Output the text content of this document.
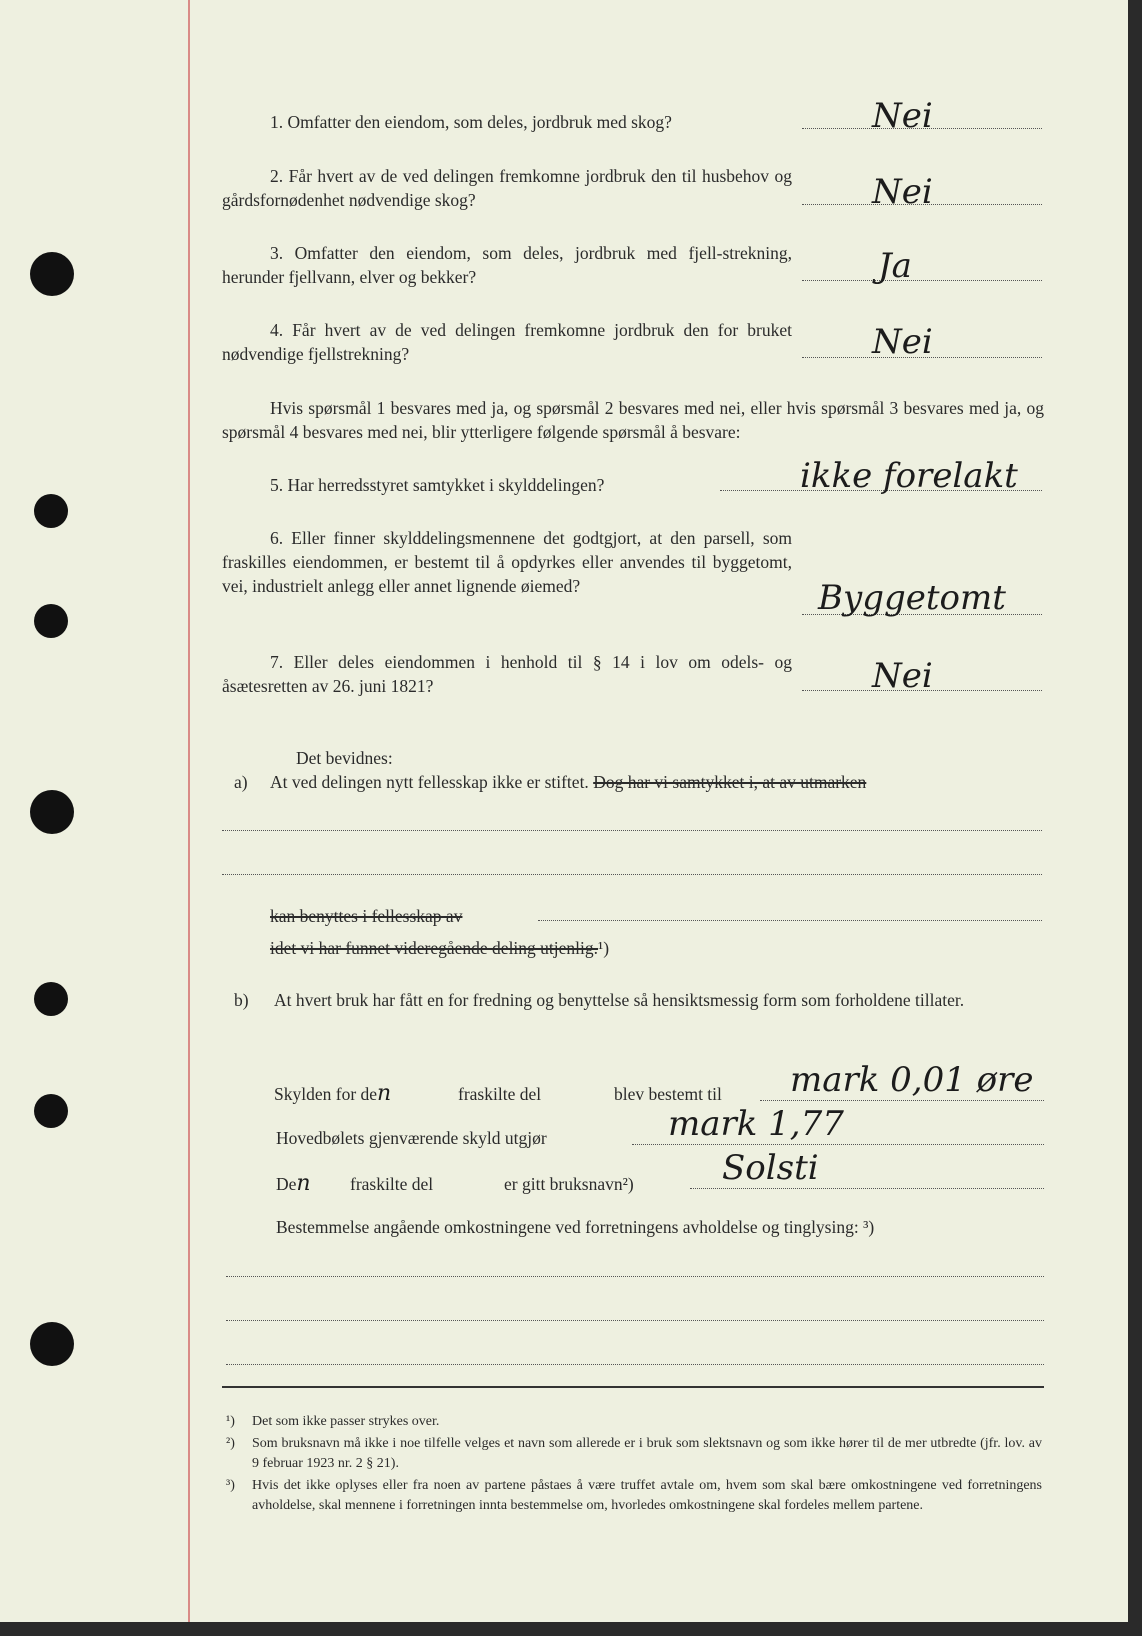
1. Omfatter den eiendom, som deles, jordbruk med skog?	Nei
2. Får hvert av de ved delingen fremkomne jordbruk den til husbehov og gårdsfornødenhet nødvendige skog?	Nei
3. Omfatter den eiendom, som deles, jordbruk med fjell-strekning, herunder fjellvann, elver og bekker?	Ja
4. Får hvert av de ved delingen fremkomne jordbruk den for bruket nødvendige fjellstrekning?	Nei
Hvis spørsmål 1 besvares med ja, og spørsmål 2 besvares med nei, eller hvis spørsmål 3 besvares med ja, og spørsmål 4 besvares med nei, blir ytterligere følgende spørsmål å besvare:
5. Har herredsstyret samtykket i skylddelingen?	ikke forelakt
6. Eller finner skylddelingsmennene det godtgjort, at den parsell, som fraskilles eiendommen, er bestemt til å opdyrkes eller anvendes til byggetomt, vei, industrielt anlegg eller annet lignende øiemed?	Byggetomt
7. Eller deles eiendommen i henhold til § 14 i lov om odels- og åsætesretten av 26. juni 1821?	Nei
Det bevidnes:
a) At ved delingen nytt fellesskap ikke er stiftet. Dog har vi samtykket i, at av utmarken
kan benyttes i fellesskap av
idet vi har funnet videregående deling utjenlig.¹)
b) At hvert bruk har fått en for fredning og benyttelse så hensiktsmessig form som forholdene tillater.
Skylden for den	fraskilte del	blev bestemt til mark 0,01 øre
Hovedbølets gjenværende skyld utgjør	mark 1,77
Den fraskilte del	er gitt bruksnavn²)	Solsti
Bestemmelse angående omkostningene ved forretningens avholdelse og tinglysing: ³)
¹) Det som ikke passer strykes over.
²) Som bruksnavn må ikke i noe tilfelle velges et navn som allerede er i bruk som slektsnavn og som ikke hører til de mer utbredte (jfr. lov. av 9 februar 1923 nr. 2 § 21).
³) Hvis det ikke oplyses eller fra noen av partene påstaes å være truffet avtale om, hvem som skal bære omkostningene ved forretningens avholdelse, skal mennene i forretningen innta bestemmelse om, hvorledes omkostningene skal fordeles mellem partene.
